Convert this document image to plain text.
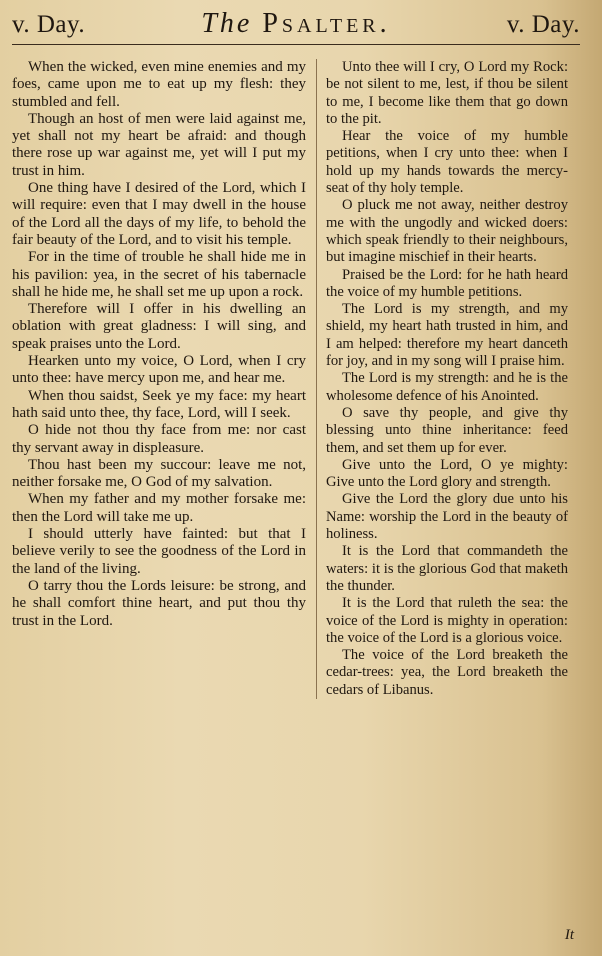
v. Day.	The Psalter.	v. Day.

When the wicked, even mine enemies and my foes, came upon me to eat up my flesh: they stumbled and fell.

Though an host of men were laid against me, yet shall not my heart be afraid: and though there rose up war against me, yet will I put my trust in him.

One thing have I desired of the Lord, which I will require: even that I may dwell in the house of the Lord all the days of my life, to behold the fair beauty of the Lord, and to visit his temple.

For in the time of trouble he shall hide me in his pavilion: yea, in the secret of his tabernacle shall he hide me, he shall set me up upon a rock.

Therefore will I offer in his dwelling an oblation with great gladness: I will sing, and speak praises unto the Lord.

Hearken unto my voice, O Lord, when I cry unto thee: have mercy upon me, and hear me.

When thou saidst, Seek ye my face: my heart hath said unto thee, thy face, Lord, will I seek.

O hide not thou thy face from me: nor cast thy servant away in displeasure.

Thou hast been my succour: leave me not, neither forsake me, O God of my salvation.

When my father and my mother forsake me: then the Lord will take me up.

I should utterly have fainted: but that I believe verily to see the goodness of the Lord in the land of the living.

O tarry thou the Lords leisure: be strong, and he shall comfort thine heart, and put thou thy trust in the Lord.

Unto thee will I cry, O Lord my Rock: be not silent to me, lest, if thou be silent to me, I become like them that go down to the pit.

Hear the voice of my humble petitions, when I cry unto thee: when I hold up my hands towards the mercy-seat of thy holy temple.

O pluck me not away, neither destroy me with the ungodly and wicked doers: which speak friendly to their neighbours, but imagine mischief in their hearts.

Praised be the Lord: for he hath heard the voice of my humble petitions.

The Lord is my strength, and my shield, my heart hath trusted in him, and I am helped: therefore my heart danceth for joy, and in my song will I praise him.

The Lord is my strength: and he is the wholesome defence of his Anointed.

O save thy people, and give thy blessing unto thine inheritance: feed them, and set them up for ever.

Give unto the Lord, O ye mighty: Give unto the Lord glory and strength.

Give the Lord the glory due unto his Name: worship the Lord in the beauty of holiness.

It is the Lord that commandeth the waters: it is the glorious God that maketh the thunder.

It is the Lord that ruleth the sea: the voice of the Lord is mighty in operation: the voice of the Lord is a glorious voice.

The voice of the Lord breaketh the cedar-trees: yea, the Lord breaketh the cedars of Libanus.

It
